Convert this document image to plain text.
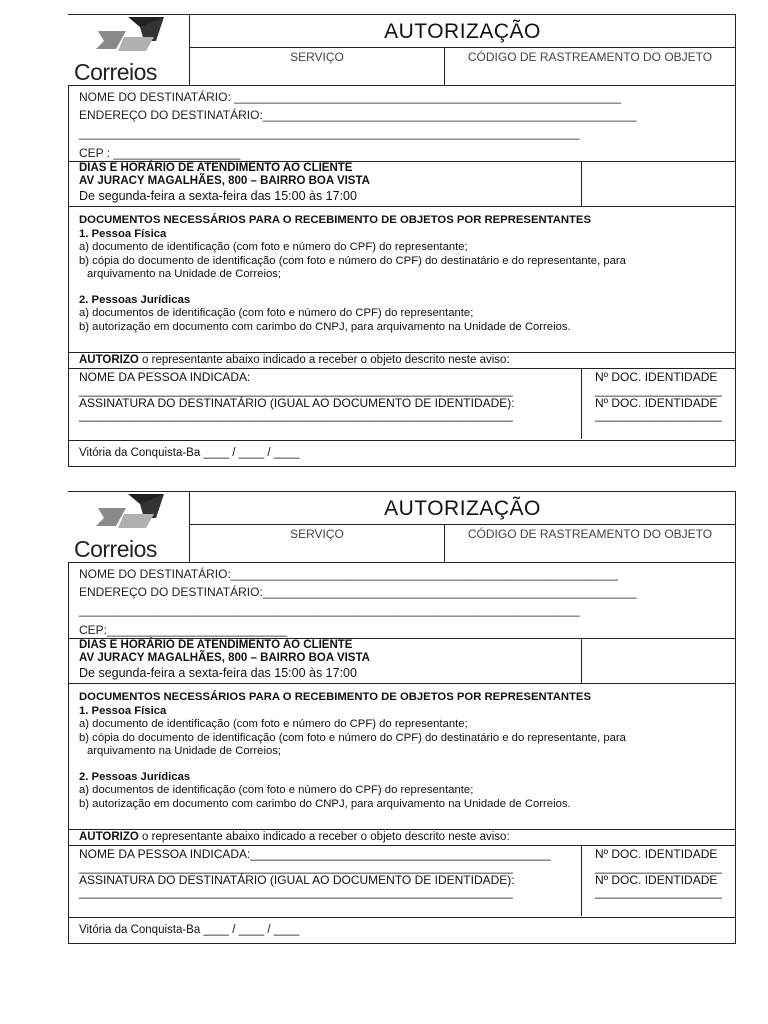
Correios
AUTORIZAÇÃO
SERVIÇO	CÓDIGO DE RASTREAMENTO DO OBJETO
NOME DO DESTINATÁRIO: __________________________________________________________
ENDEREÇO DO DESTINATÁRIO:________________________________________________________
___________________________________________________________________________
CEP : ___________________
DIAS E HORÁRIO DE ATENDIMENTO AO CLIENTE
AV JURACY MAGALHÃES, 800 – BAIRRO BOA VISTA
De segunda-feira a sexta-feira das 15:00 às 17:00
DOCUMENTOS NECESSÁRIOS PARA O RECEBIMENTO DE OBJETOS POR REPRESENTANTES
1. Pessoa Física
a) documento de identificação (com foto e número do CPF) do representante;
b) cópia do documento de identificação (com foto e número do CPF) do destinatário e do representante, para
arquivamento na Unidade de Correios;
2. Pessoas Jurídicas
a) documentos de identificação (com foto e número do CPF) do representante;
b) autorização em documento com carimbo do CNPJ, para arquivamento na Unidade de Correios.
AUTORIZO o representante abaixo indicado a receber o objeto descrito neste aviso:
NOME DA PESSOA INDICADA:
_________________________________________________________________
ASSINATURA DO DESTINATÁRIO (IGUAL AO DOCUMENTO DE IDENTIDADE):
_________________________________________________________________
Nº DOC. IDENTIDADE
___________________
Nº DOC. IDENTIDADE
___________________
Vitória da Conquista-Ba ____ / ____ / ____
Correios
AUTORIZAÇÃO
SERVIÇO	CÓDIGO DE RASTREAMENTO DO OBJETO
NOME DO DESTINATÁRIO:__________________________________________________________
ENDEREÇO DO DESTINATÁRIO:________________________________________________________
___________________________________________________________________________
CEP:___________________________
DIAS E HORÁRIO DE ATENDIMENTO AO CLIENTE
AV JURACY MAGALHÃES, 800 – BAIRRO BOA VISTA
De segunda-feira a sexta-feira das 15:00 às 17:00
DOCUMENTOS NECESSÁRIOS PARA O RECEBIMENTO DE OBJETOS POR REPRESENTANTES
1. Pessoa Física
a) documento de identificação (com foto e número do CPF) do representante;
b) cópia do documento de identificação (com foto e número do CPF) do destinatário e do representante, para
arquivamento na Unidade de Correios;
2. Pessoas Jurídicas
a) documentos de identificação (com foto e número do CPF) do representante;
b) autorização em documento com carimbo do CNPJ, para arquivamento na Unidade de Correios.
AUTORIZO o representante abaixo indicado a receber o objeto descrito neste aviso:
NOME DA PESSOA INDICADA:_____________________________________________
_________________________________________________________________
ASSINATURA DO DESTINATÁRIO (IGUAL AO DOCUMENTO DE IDENTIDADE):
_________________________________________________________________
Nº DOC. IDENTIDADE
___________________
Nº DOC. IDENTIDADE
___________________
Vitória da Conquista-Ba ____ / ____ / ____
